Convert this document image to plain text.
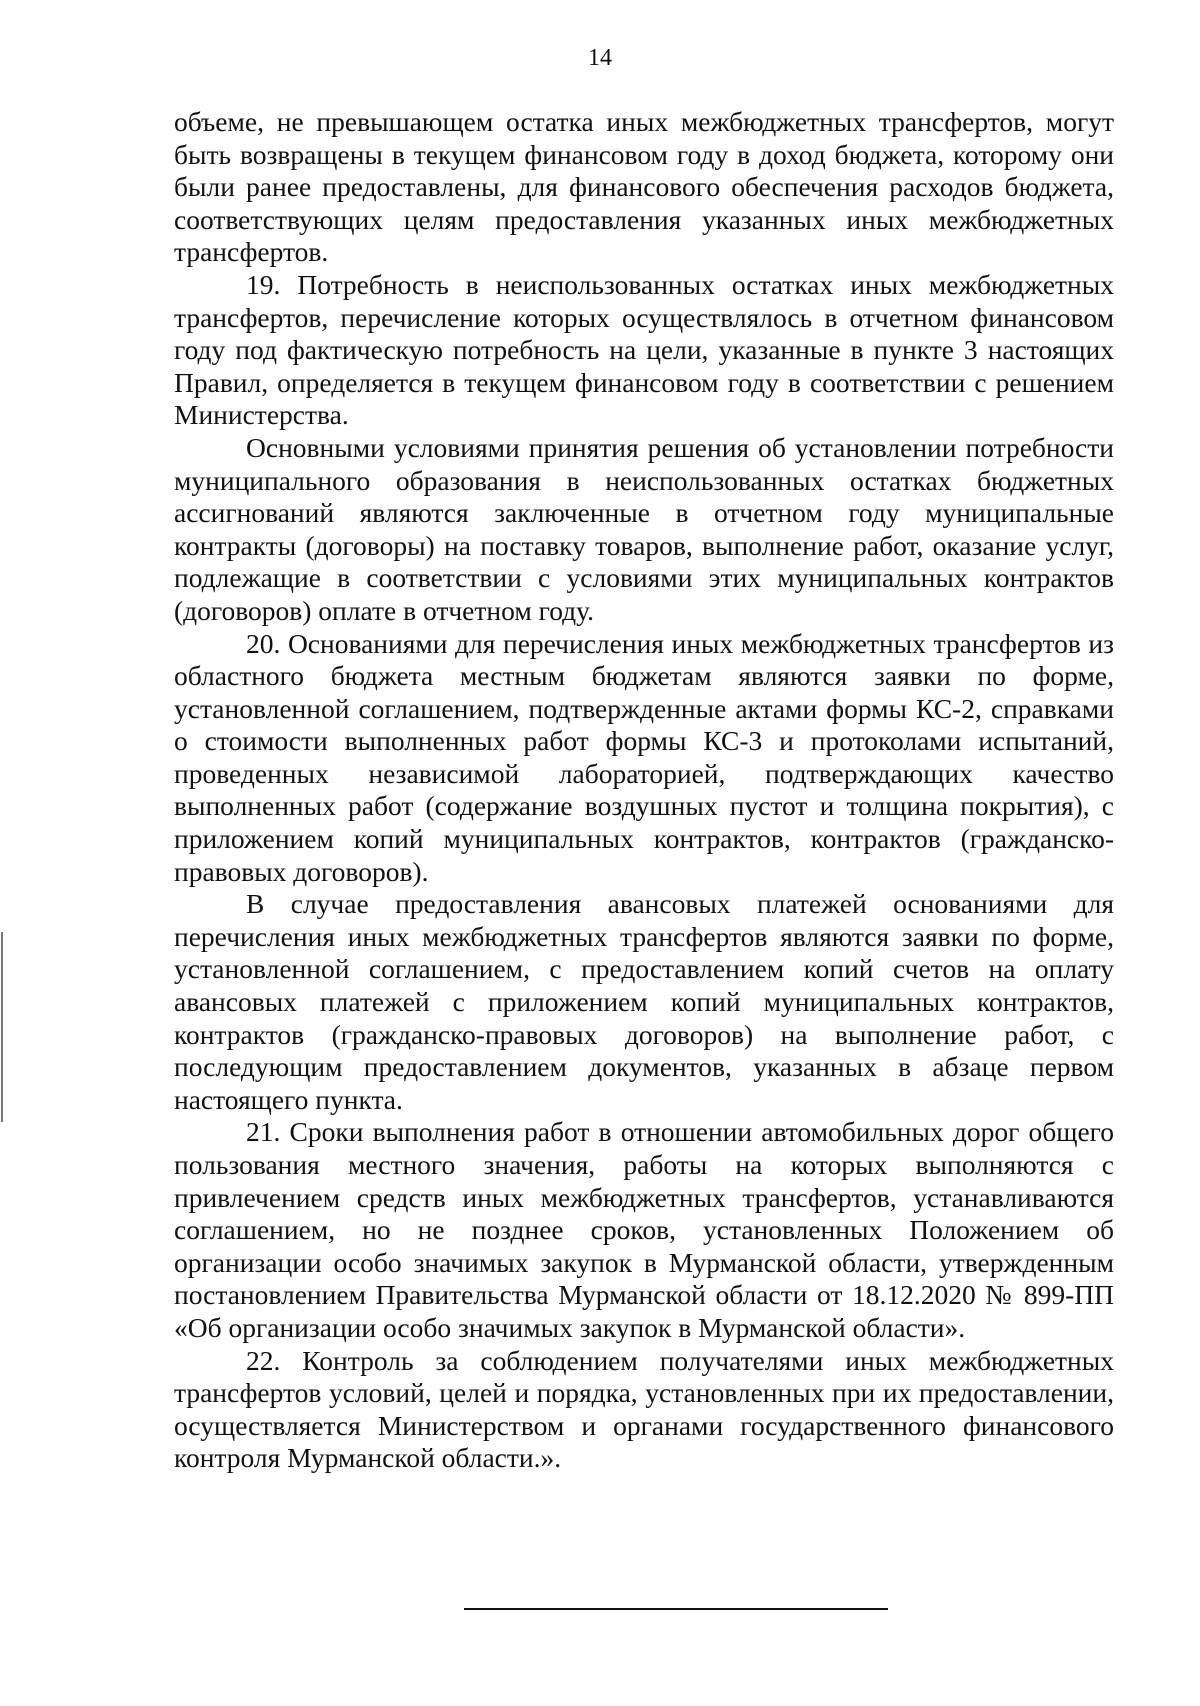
14

объеме, не превышающем остатка иных межбюджетных трансфертов, могут быть возвращены в текущем финансовом году в доход бюджета, которому они были ранее предоставлены, для финансового обеспечения расходов бюджета, соответствующих целям предоставления указанных иных межбюджетных трансфертов.

19. Потребность в неиспользованных остатках иных межбюджетных трансфертов, перечисление которых осуществлялось в отчетном финансовом году под фактическую потребность на цели, указанные в пункте 3 настоящих Правил, определяется в текущем финансовом году в соответствии с решением Министерства.

Основными условиями принятия решения об установлении потребности муниципального образования в неиспользованных остатках бюджетных ассигнований являются заключенные в отчетном году муниципальные контракты (договоры) на поставку товаров, выполнение работ, оказание услуг, подлежащие в соответствии с условиями этих муниципальных контрактов (договоров) оплате в отчетном году.

20. Основаниями для перечисления иных межбюджетных трансфертов из областного бюджета местным бюджетам являются заявки по форме, установленной соглашением, подтвержденные актами формы КС-2, справками о стоимости выполненных работ формы КС-3 и протоколами испытаний, проведенных независимой лабораторией, подтверждающих качество выполненных работ (содержание воздушных пустот и толщина покрытия), с приложением копий муниципальных контрактов, контрактов (гражданско-правовых договоров).

В случае предоставления авансовых платежей основаниями для перечисления иных межбюджетных трансфертов являются заявки по форме, установленной соглашением, с предоставлением копий счетов на оплату авансовых платежей с приложением копий муниципальных контрактов, контрактов (гражданско-правовых договоров) на выполнение работ, с последующим предоставлением документов, указанных в абзаце первом настоящего пункта.

21. Сроки выполнения работ в отношении автомобильных дорог общего пользования местного значения, работы на которых выполняются с привлечением средств иных межбюджетных трансфертов, устанавливаются соглашением, но не позднее сроков, установленных Положением об организации особо значимых закупок в Мурманской области, утвержденным постановлением Правительства Мурманской области от 18.12.2020 № 899-ПП «Об организации особо значимых закупок в Мурманской области».

22. Контроль за соблюдением получателями иных межбюджетных трансфертов условий, целей и порядка, установленных при их предоставлении, осуществляется Министерством и органами государственного финансового контроля Мурманской области.».
